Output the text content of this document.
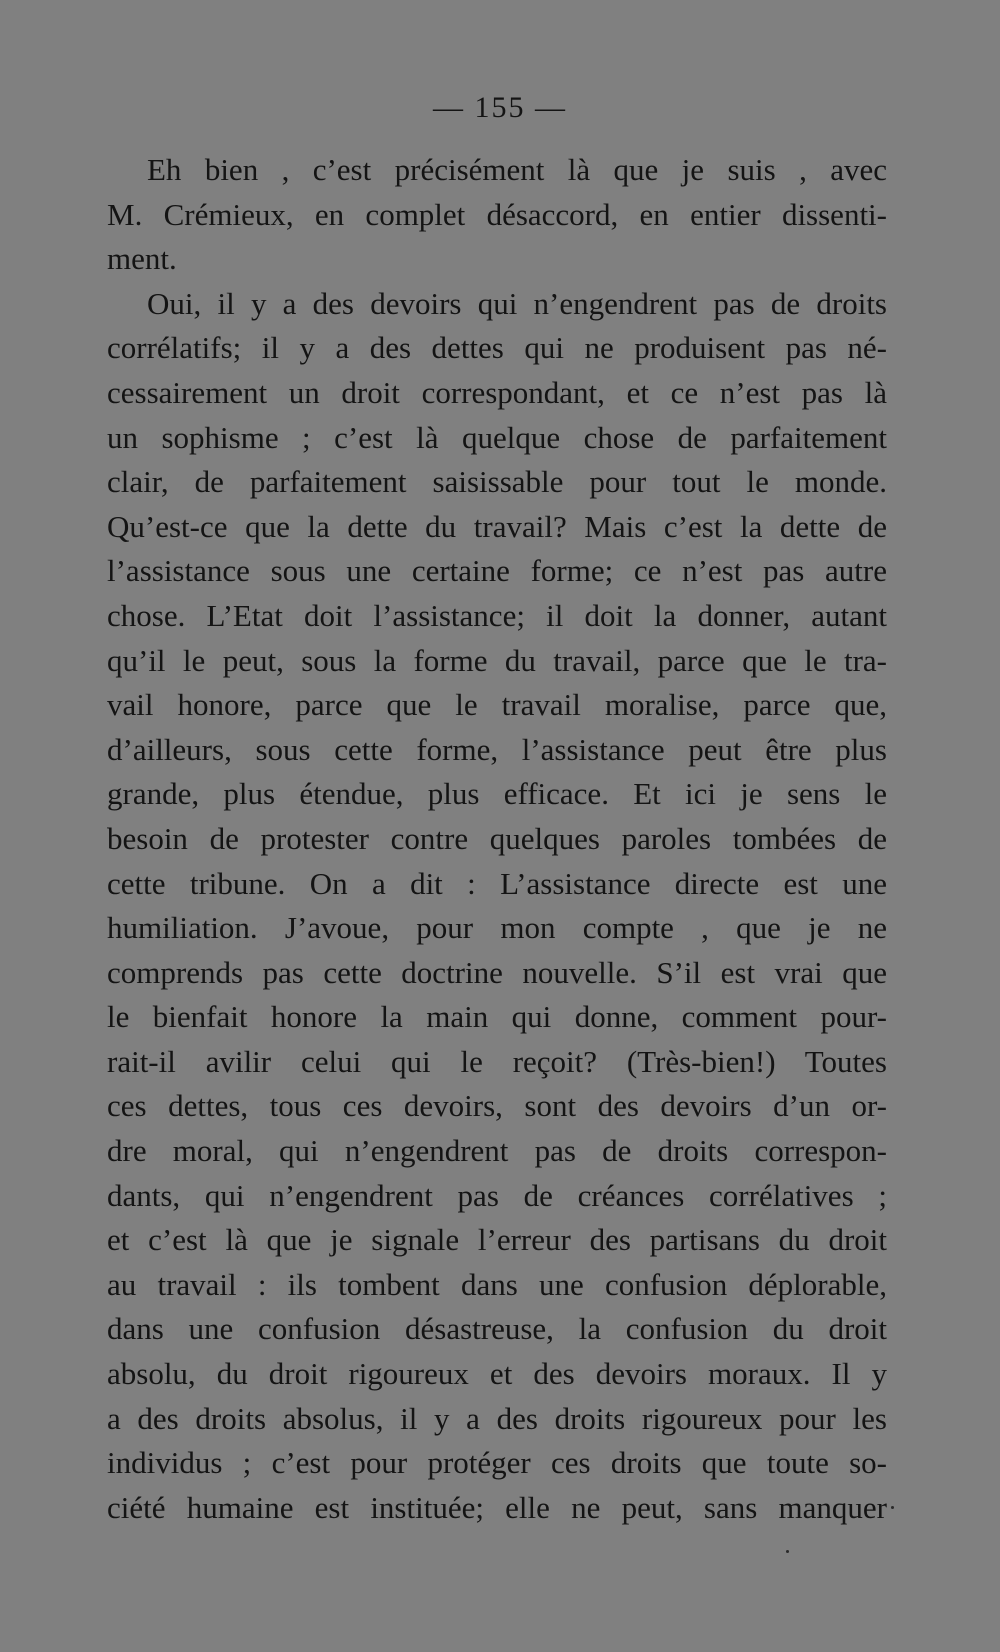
— 155 —
Eh bien , c’est précisément là que je suis , avec
M. Crémieux, en complet désaccord, en entier dissenti-
ment.
Oui, il y a des devoirs qui n’engendrent pas de droits
corrélatifs; il y a des dettes qui ne produisent pas né-
cessairement un droit correspondant, et ce n’est pas là
un sophisme ; c’est là quelque chose de parfaitement
clair, de parfaitement saisissable pour tout le monde.
Qu’est-ce que la dette du travail? Mais c’est la dette de
l’assistance sous une certaine forme; ce n’est pas autre
chose. L’Etat doit l’assistance; il doit la donner, autant
qu’il le peut, sous la forme du travail, parce que le tra-
vail honore, parce que le travail moralise, parce que,
d’ailleurs, sous cette forme, l’assistance peut être plus
grande, plus étendue, plus efficace. Et ici je sens le
besoin de protester contre quelques paroles tombées de
cette tribune. On a dit : L’assistance directe est une
humiliation. J’avoue, pour mon compte , que je ne
comprends pas cette doctrine nouvelle. S’il est vrai que
le bienfait honore la main qui donne, comment pour-
rait-il avilir celui qui le reçoit? (Très-bien!) Toutes
ces dettes, tous ces devoirs, sont des devoirs d’un or-
dre moral, qui n’engendrent pas de droits correspon-
dants, qui n’engendrent pas de créances corrélatives ;
et c’est là que je signale l’erreur des partisans du droit
au travail : ils tombent dans une confusion déplorable,
dans une confusion désastreuse, la confusion du droit
absolu, du droit rigoureux et des devoirs moraux. Il y
a des droits absolus, il y a des droits rigoureux pour les
individus ; c’est pour protéger ces droits que toute so-
ciété humaine est instituée; elle ne peut, sans manquer
